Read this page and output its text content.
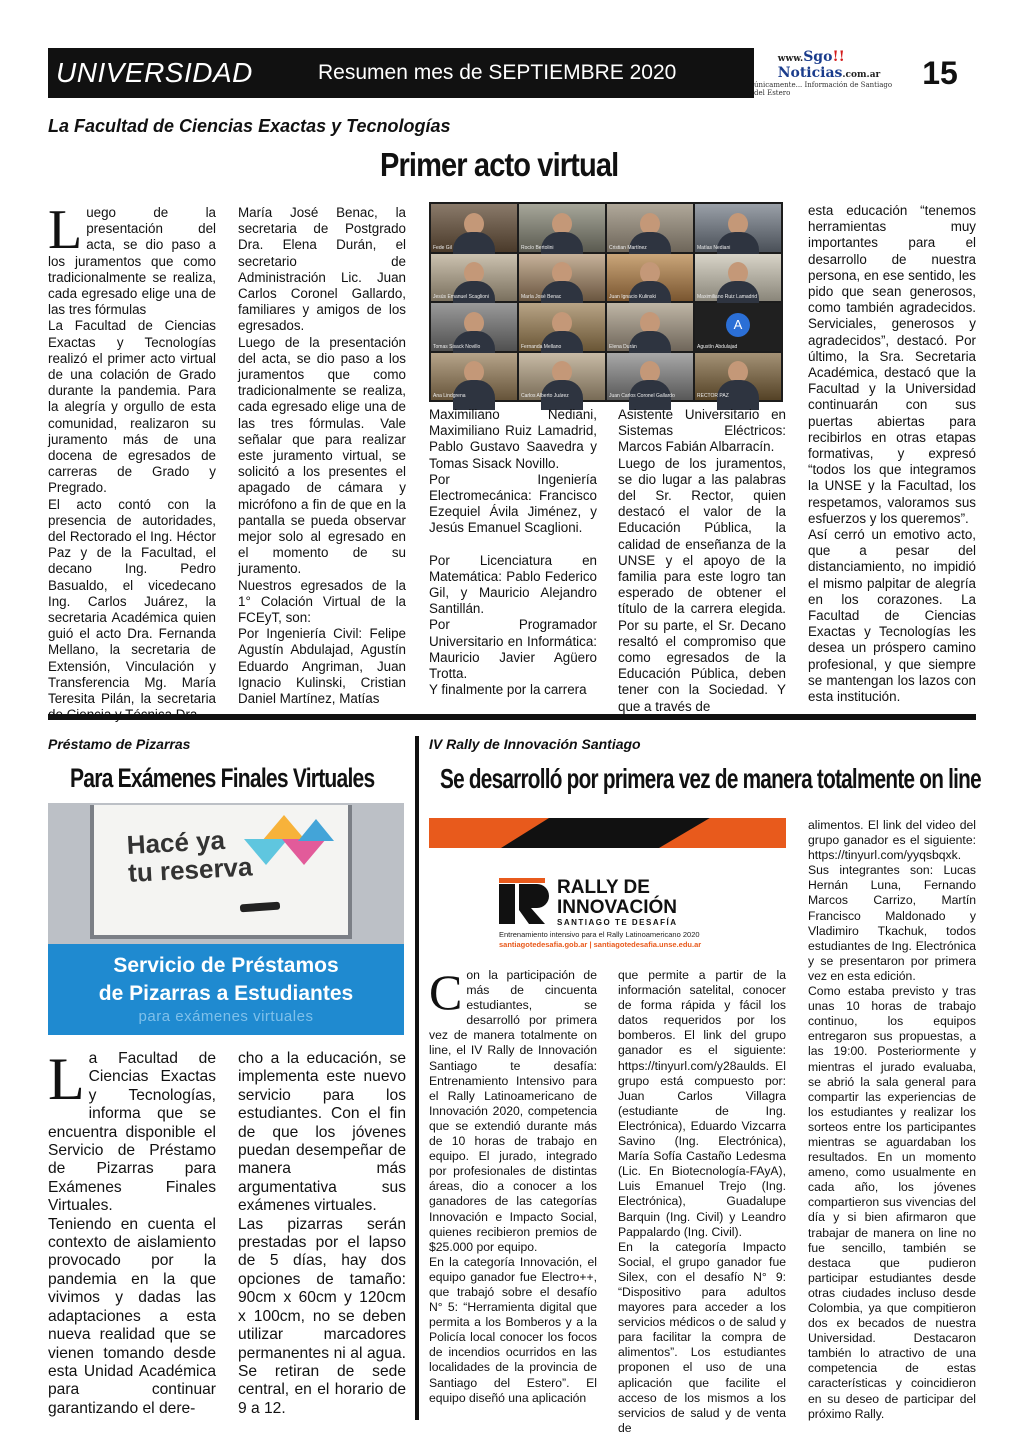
UNIVERSIDAD	Resumen mes de SEPTIEMBRE 2020
www.Sgo!!
Noticias.com.ar
únicamente... Información de Santiago del Estero
15
La Facultad de Ciencias Exactas y Tecnologías
Primer acto virtual
L uego de la presentación del acta, se dio paso a los juramentos que como tradicionalmente se realiza, cada egresado elige una de las tres fórmulas

La Facultad de Ciencias Exactas y Tecnologías realizó el primer acto virtual de una colación de Grado durante la pandemia. Para la alegría y orgullo de esta comunidad, realizaron su juramento más de una docena de egresados de carreras de Grado y Pregrado.

El acto contó con la presencia de autoridades, del Rectorado el Ing. Héctor Paz y de la Facultad, el decano Ing. Pedro Basualdo, el vicedecano Ing. Carlos Juárez, la secretaria Académica quien guió el acto Dra. Fernanda Mellano, la secretaria de Extensión, Vinculación y Transferencia Mg. María Teresita Pilán, la secretaria

María José Benac, la secretaria de Postgrado Dra. Elena Durán, el secretario de Administración Lic. Juan Carlos Coronel Gallardo, familiares y amigos de los egresados.

Luego de la presentación del acta, se dio paso a los juramentos que como tradicionalmente se realiza, cada egresado elige una de las tres fórmulas. Vale señalar que para realizar este juramento virtual, se solicitó a los presentes el apagado de cámara y micrófono a fin de que en la pantalla se pueda observar mejor solo al egresado en el momento de su juramento.

Nuestros egresados de la 1° Colación Virtual de la FCEyT, son:

Por Ingeniería Civil: Felipe Agustín Abdulajad, Agustín Eduardo Angriman, Juan Ignacio Kulinski, Cristian Daniel Martínez, Matías

Fede Gil	Rocío Bertolini	Cristian Martínez	Matías Nediani
Jesús Emanuel Scaglioni	María José Benac	Juan Ignacio Kulinski	Maximiliano Ruiz Lamadrid
Tomas Sisack Novillo	Fernanda Mellano	Elena Durán
A
Agustín Abdulajad
Ana Lindgrena	Carlos Alberto Juárez	Juan Carlos Coronel Gallardo	RECTOR PAZ

Maximiliano Nediani, Maximiliano Ruiz Lamadrid, Pablo Gustavo Saavedra y Tomas Sisack Novillo.

Por Ingeniería Electromecánica: Francisco Ezequiel Ávila Jiménez, y Jesús Emanuel Scaglioni.

Por Licenciatura en Matemática: Pablo Federico Gil, y Mauricio Alejandro Santillán.

Por Programador Universitario en Informática: Mauricio Javier Agüero Trotta.

Y finalmente por la carrera

Asistente Universitario en Sistemas Eléctricos: Marcos Fabián Albarracín.

Luego de los juramentos, se dio lugar a las palabras del Sr. Rector, quien destacó el valor de la Educación Pública, la calidad de enseñanza de la UNSE y el apoyo de la familia para este logro tan esperado de obtener el título de la carrera elegida. Por su parte, el Sr. Decano resaltó el compromiso que como egresados de la Educación Pública, deben tener con la Sociedad. Y que a través de

esta educación “tenemos herramientas muy importantes para el desarrollo de nuestra persona, en ese sentido, les pido que sean generosos, como también agradecidos. Serviciales, generosos y agradecidos”, destacó. Por último, la Sra. Secretaria Académica, destacó que la Facultad y la Universidad continuarán con sus puertas abiertas para recibirlos en otras etapas formativas, y expresó “todos los que integramos la UNSE y la Facultad, los respetamos, valoramos sus esfuerzos y los queremos”.

Así cerró un emotivo acto, que a pesar del distanciamiento, no impidió el mismo palpitar de alegría en los corazones. La Facultad de Ciencias Exactas y Tecnologías les desea un próspero camino profesional, y que siempre se mantengan los lazos con esta institución.

Préstamo de Pizarras
Para Exámenes Finales Virtuales
Hacé ya
tu reserva
Servicio de Préstamos
de Pizarras a Estudiantes
para exámenes virtuales
L a Facultad de Ciencias Exactas y Tecnologías, informa que se encuentra disponible el Servicio de Préstamo de Pizarras para Exámenes Finales Virtuales.

Teniendo en cuenta el contexto de aislamiento provocado por la pandemia en la que vivimos y dadas las adaptaciones a esta nueva realidad que se vienen tomando desde esta Unidad Académica para continuar garantizando el dere-

cho a la educación, se implementa este nuevo servicio para los estudiantes. Con el fin de que los jóvenes puedan desempeñar de manera más argumentativa sus exámenes virtuales.

Las pizarras serán prestadas por el lapso de 5 días, hay dos opciones de tamaño: 90cm x 60cm y 120cm x 100cm, no se deben utilizar marcadores permanentes ni al agua. Se retiran de sede central, en el horario de 9 a 12.

IV Rally de Innovación Santiago
Se desarrolló por primera vez de manera totalmente on line
RALLY DE
INNOVACIÓN
SANTIAGO TE DESAFÍA
Entrenamiento intensivo para el Rally Latinoamericano 2020
santiagotedesafia.gob.ar | santiagotedesafia.unse.edu.ar
C on la participación de más de cincuenta estudiantes, se desarrolló por primera vez de manera totalmente on line, el IV Rally de Innovación Santiago te desafía: Entrenamiento Intensivo para el Rally Latinoamericano de Innovación 2020, competencia que se extendió durante más de 10 horas de trabajo en equipo. El jurado, integrado por profesionales de distintas áreas, dio a conocer a los ganadores de las categorías Innovación e Impacto Social, quienes recibieron premios de $25.000 por equipo.

En la categoría Innovación, el equipo ganador fue Electro++, que trabajó sobre el desafío N° 5: “Herramienta digital que permita a los Bomberos y a la Policía local conocer los focos de incendios ocurridos en las localidades de la provincia de Santiago del Estero”. El equipo diseñó una aplicación

que permite a partir de la información satelital, conocer de forma rápida y fácil los datos requeridos por los bomberos. El link del grupo ganador es el siguiente: https://tinyurl.com/y28aulds. El grupo está compuesto por: Juan Carlos Villagra (estudiante de Ing. Electrónica), Eduardo Vizcarra Savino (Ing. Electrónica), María Sofía Castaño Ledesma (Lic. En Biotecnología-FAyA), Luis Emanuel Trejo (Ing. Electrónica), Guadalupe Barquin (Ing. Civil) y Leandro Pappalardo (Ing. Civil).

En la categoría Impacto Social, el grupo ganador fue Silex, con el desafío N° 9: “Dispositivo para adultos mayores para acceder a los servicios médicos o de salud y para facilitar la compra de alimentos”. Los estudiantes proponen el uso de una aplicación que facilite el acceso de los mismos a los servicios de salud y de venta de

alimentos. El link del video del grupo ganador es el siguiente: https://tinyurl.com/yyqsbqxk. Sus integrantes son: Lucas Hernán Luna, Fernando Marcos Carrizo, Martín Francisco Maldonado y Vladimiro Tkachuk, todos estudiantes de Ing. Electrónica y se presentaron por primera vez en esta edición.

Como estaba previsto y tras unas 10 horas de trabajo continuo, los equipos entregaron sus propuestas, a las 19:00. Posteriormente y mientras el jurado evaluaba, se abrió la sala general para compartir las experiencias de los estudiantes y realizar los sorteos entre los participantes mientras se aguardaban los resultados. En un momento ameno, como usualmente en cada año, los jóvenes compartieron sus vivencias del día y si bien afirmaron que trabajar de manera on line no fue sencillo, también se destaca que pudieron participar estudiantes desde otras ciudades incluso desde Colombia, ya que compitieron dos ex becados de nuestra Universidad. Destacaron también lo atractivo de una competencia de estas características y coincidieron en su deseo de participar del próximo Rally.
